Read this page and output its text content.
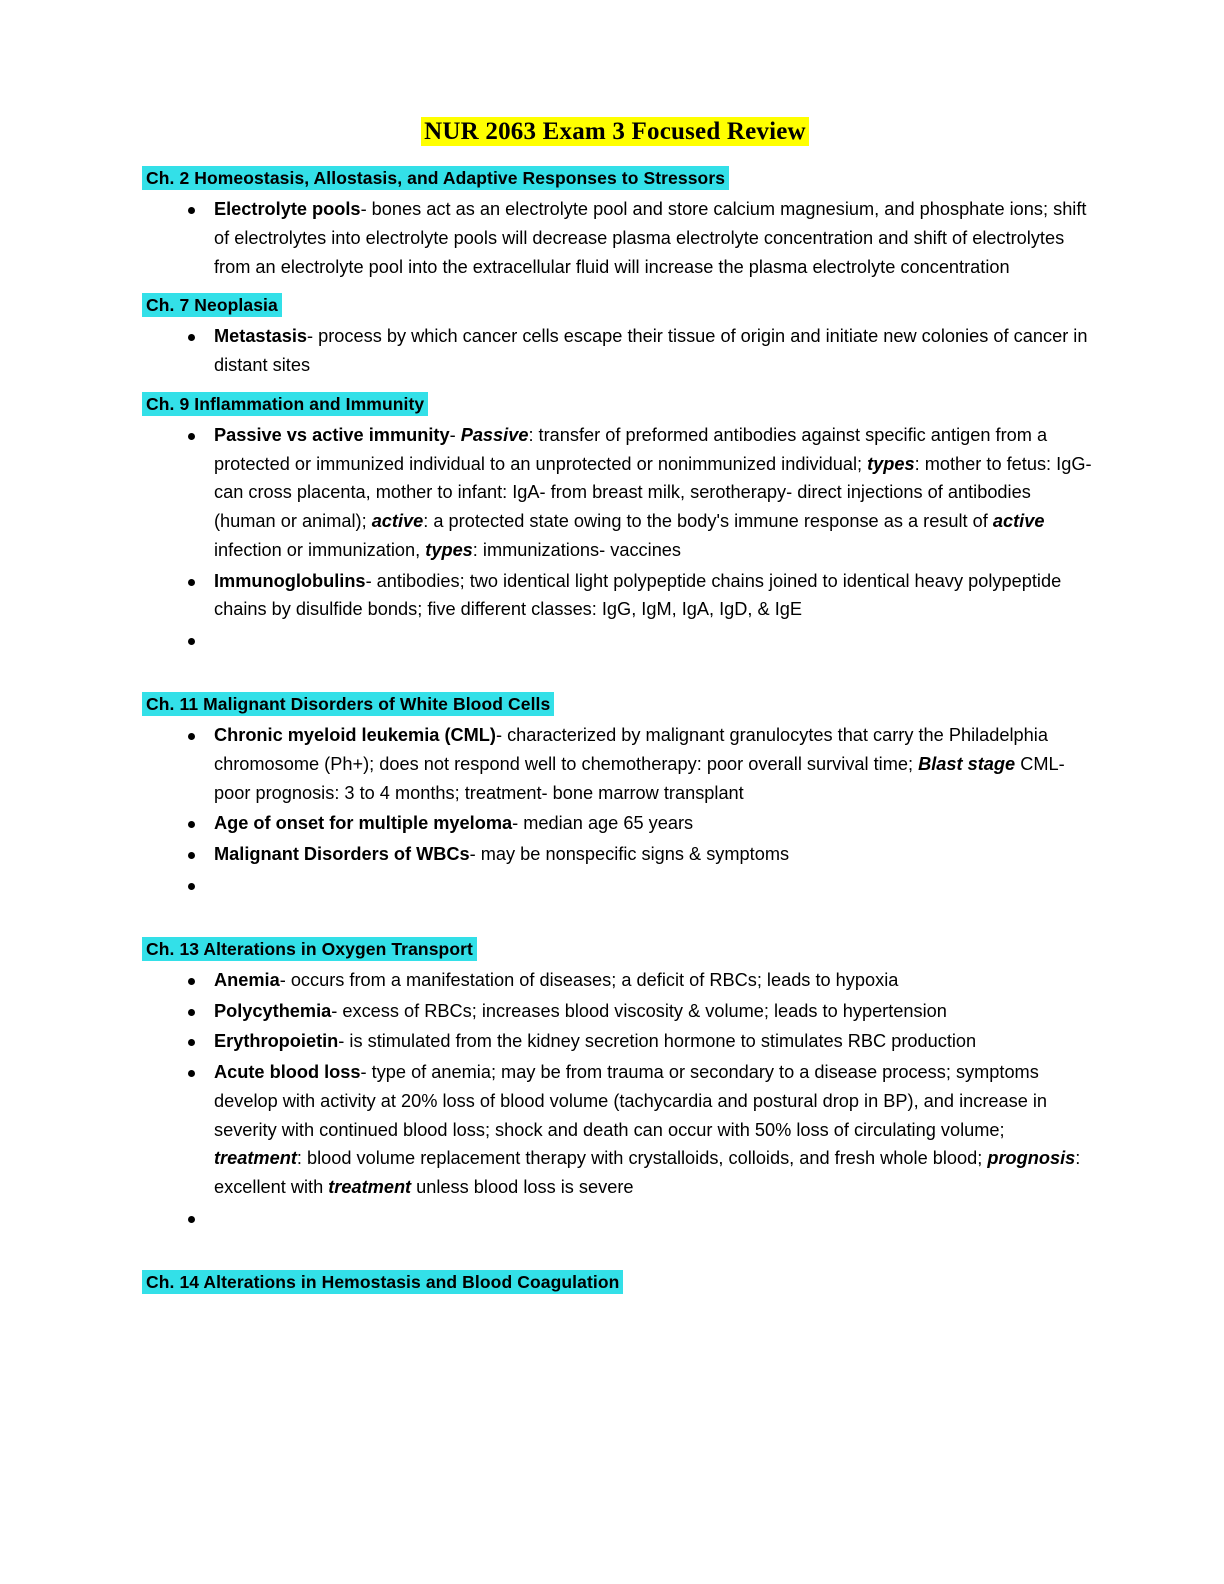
NUR 2063 Exam 3 Focused Review
Ch. 2 Homeostasis, Allostasis, and Adaptive Responses to Stressors
Electrolyte pools- bones act as an electrolyte pool and store calcium magnesium, and phosphate ions; shift of electrolytes into electrolyte pools will decrease plasma electrolyte concentration and shift of electrolytes from an electrolyte pool into the extracellular fluid will increase the plasma electrolyte concentration
Ch. 7 Neoplasia
Metastasis- process by which cancer cells escape their tissue of origin and initiate new colonies of cancer in distant sites
Ch. 9 Inflammation and Immunity
Passive vs active immunity- Passive: transfer of preformed antibodies against specific antigen from a protected or immunized individual to an unprotected or nonimmunized individual; types: mother to fetus: IgG- can cross placenta, mother to infant: IgA- from breast milk, serotherapy- direct injections of antibodies (human or animal); active: a protected state owing to the body's immune response as a result of active infection or immunization, types: immunizations- vaccines
Immunoglobulins- antibodies; two identical light polypeptide chains joined to identical heavy polypeptide chains by disulfide bonds; five different classes: IgG, IgM, IgA, IgD, & IgE
Ch. 11 Malignant Disorders of White Blood Cells
Chronic myeloid leukemia (CML)- characterized by malignant granulocytes that carry the Philadelphia chromosome (Ph+); does not respond well to chemotherapy: poor overall survival time; Blast stage CML- poor prognosis: 3 to 4 months; treatment- bone marrow transplant
Age of onset for multiple myeloma- median age 65 years
Malignant Disorders of WBCs- may be nonspecific signs & symptoms
Ch. 13 Alterations in Oxygen Transport
Anemia- occurs from a manifestation of diseases; a deficit of RBCs; leads to hypoxia
Polycythemia- excess of RBCs; increases blood viscosity & volume; leads to hypertension
Erythropoietin- is stimulated from the kidney secretion hormone to stimulates RBC production
Acute blood loss- type of anemia; may be from trauma or secondary to a disease process; symptoms develop with activity at 20% loss of blood volume (tachycardia and postural drop in BP), and increase in severity with continued blood loss; shock and death can occur with 50% loss of circulating volume; treatment: blood volume replacement therapy with crystalloids, colloids, and fresh whole blood; prognosis: excellent with treatment unless blood loss is severe
Ch. 14 Alterations in Hemostasis and Blood Coagulation
